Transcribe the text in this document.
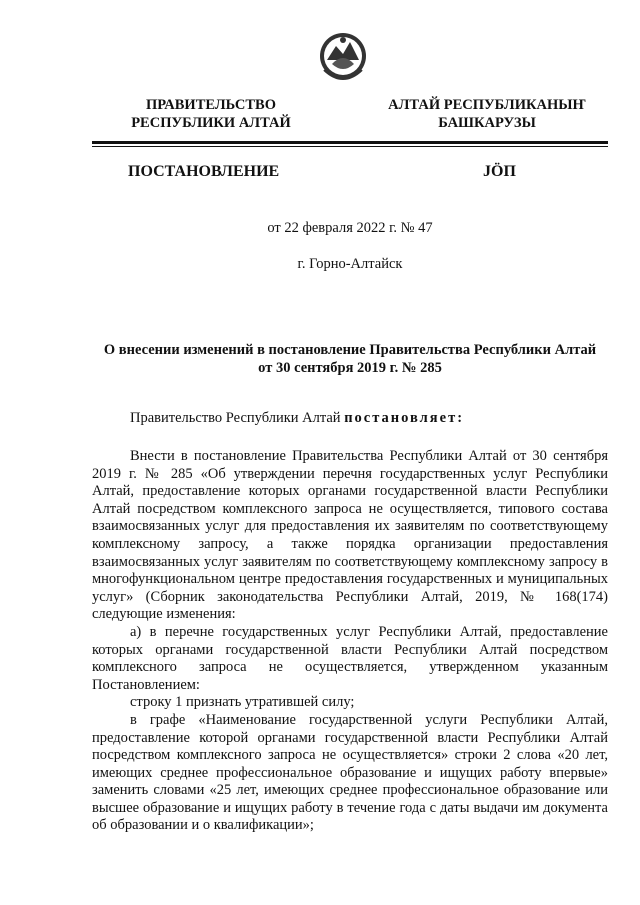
ПРАВИТЕЛЬСТВО
РЕСПУБЛИКИ АЛТАЙ
АЛТАЙ РЕСПУБЛИКАНЫҤ
БАШКАРУЗЫ
ПОСТАНОВЛЕНИЕ	JӦП
от 22 февраля 2022 г. № 47
г. Горно-Алтайск
О внесении изменений в постановление Правительства Республики Алтай
от 30 сентября 2019 г. № 285
Правительство Республики Алтай постановляет:

Внести в постановление Правительства Республики Алтай от 30 сентября 2019 г. № 285 «Об утверждении перечня государственных услуг Республики Алтай, предоставление которых органами государственной власти Республики Алтай посредством комплексного запроса не осуществляется, типового состава взаимосвязанных услуг для предоставления их заявителям по соответствующему комплексному запросу, а также порядка организации предоставления взаимосвязанных услуг заявителям по соответствующему комплексному запросу в многофункциональном центре предоставления государственных и муниципальных услуг» (Сборник законодательства Республики Алтай, 2019, № 168(174) следующие изменения:

а) в перечне государственных услуг Республики Алтай, предоставление которых органами государственной власти Республики Алтай посредством комплексного запроса не осуществляется, утвержденном указанным Постановлением:

строку 1 признать утратившей силу;

в графе «Наименование государственной услуги Республики Алтай, предоставление которой органами государственной власти Республики Алтай посредством комплексного запроса не осуществляется» строки 2 слова «20 лет, имеющих среднее профессиональное образование и ищущих работу впервые» заменить словами «25 лет, имеющих среднее профессиональное образование или высшее образование и ищущих работу в течение года с даты выдачи им документа об образовании и о квалификации»;
